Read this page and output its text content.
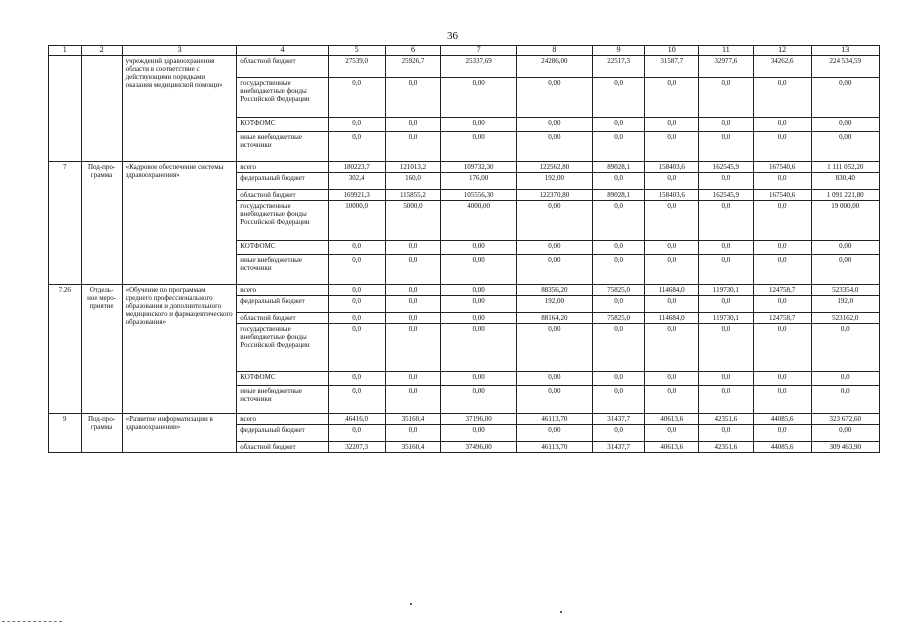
36
1	2	3	4	5	6	7	8	9	10	11	12	13
		учреждений здравоохранения области в соответствие с действующими порядками оказания медицинской помощи»	областной бюджет	27539,0	25926,7	25337,69	24286,00	22517,3	31587,7	32977,6	34262,6	224 534,59
			государственные внебюджетные фонды Российской Федерации	0,0	0,0	0,00	0,00	0,0	0,0	0,0	0,0	0,00
			КОТФОМС	0,0	0,0	0,00	0,00	0,0	0,0	0,0	0,0	0,00
			иные внебюджетные источники	0,0	0,0	0,00	0,00	0,0	0,0	0,0	0,0	0,00
7	Под-про-грамма	«Кадровое обеспечение системы здравоохранения»	всего	180223,7	121013,2	109732,30	122562,80	89028,1	158403,6	162545,9	167540,6	1 111 052,20
			федеральный бюджет	302,4	160,0	176,00	192,00	0,0	0,0	0,0	0,0	830,40
			областной бюджет	169921,3	115855,2	105556,30	122370,80	89028,1	158403,6	162545,9	167540,6	1 091 221,80
			государственные внебюджетные фонды Российской Федерации	10000,0	5000,0	4000,00	0,00	0,0	0,0	0,0	0,0	19 000,00
			КОТФОМС	0,0	0,0	0,00	0,00	0,0	0,0	0,0	0,0	0,00
			иные внебюджетные источники	0,0	0,0	0,00	0,00	0,0	0,0	0,0	0,0	0,00
7.26	Отдель-ное меро-приятие	«Обучение по программам среднего профессионального образования и дополнительного медицинского и фармацевтического образования»	всего	0,0	0,0	0,00	88356,20	75825,0	114684,0	119730,1	124758,7	523354,0
			федеральный бюджет	0,0	0,0	0,00	192,00	0,0	0,0	0,0	0,0	192,0
			областной бюджет	0,0	0,0	0,00	88164,20	75825,0	114684,0	119730,1	124758,7	523162,0
			государственные внебюджетные фонды Российской Федерации	0,0	0,0	0,00	0,00	0,0	0,0	0,0	0,0	0,0
			КОТФОМС	0,0	0,0	0,00	0,00	0,0	0,0	0,0	0,0	0,0
			иные внебюджетные источники	0,0	0,0	0,00	0,00	0,0	0,0	0,0	0,0	0,0
9	Под-про-грамма	«Развитие информатизации в здравоохранении»	всего	46416,0	35160,4	37196,00	46113,70	31437,7	40613,6	42351,6	44085,6	323 672,60
			федеральный бюджет	0,0	0,0	0,00	0,00	0,0	0,0	0,0	0,0	0,00
			областной бюджет	32207,3	35160,4	37496,00	46113,70	31437,7	40613,6	42351,6	44085,6	309 463,90
